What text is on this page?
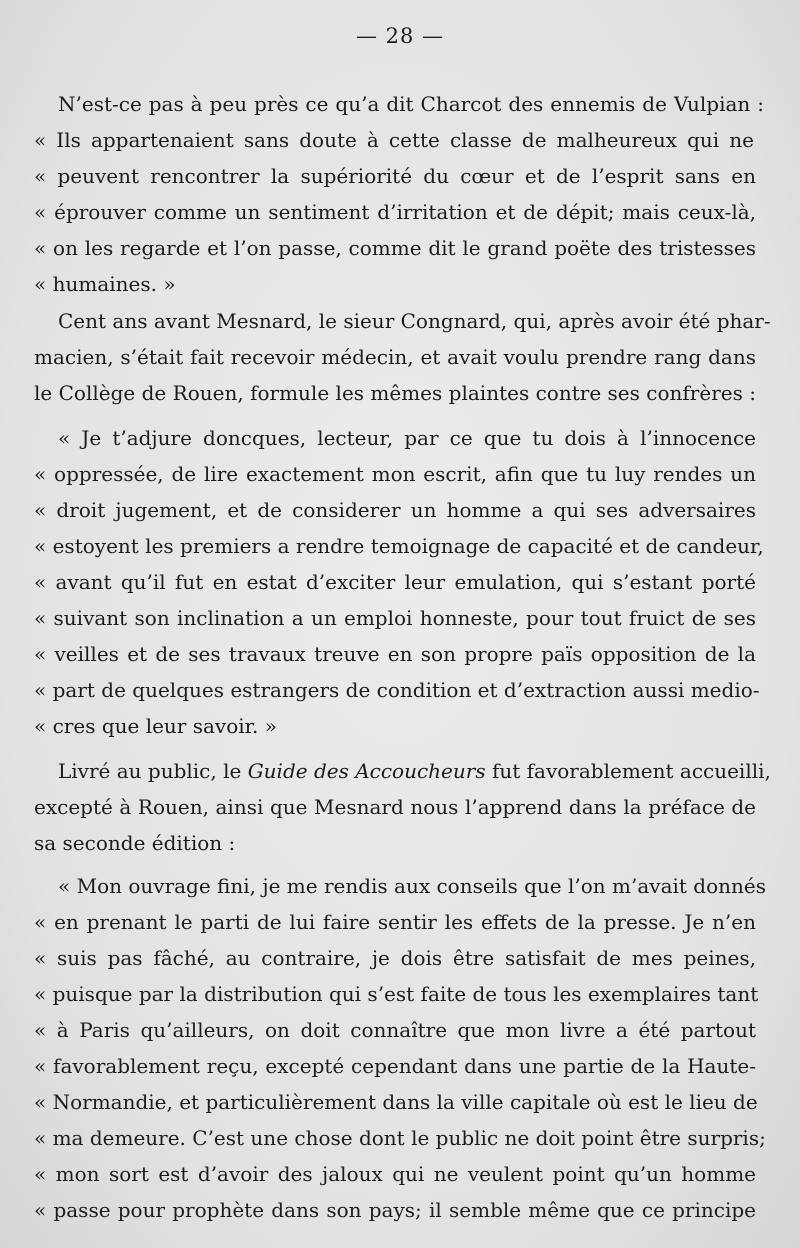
— 28 —
N’est-ce pas à peu près ce qu’a dit Charcot des ennemis de Vulpian :
« Ils appartenaient sans doute à cette classe de malheureux qui ne
« peuvent rencontrer la supériorité du cœur et de l’esprit sans en
« éprouver comme un sentiment d’irritation et de dépit; mais ceux-là,
« on les regarde et l’on passe, comme dit le grand poëte des tristesses
« humaines. »
Cent ans avant Mesnard, le sieur Congnard, qui, après avoir été phar-
macien, s’était fait recevoir médecin, et avait voulu prendre rang dans
le Collège de Rouen, formule les mêmes plaintes contre ses confrères :
« Je t’adjure doncques, lecteur, par ce que tu dois à l’innocence
« oppressée, de lire exactement mon escrit, afin que tu luy rendes un
« droit jugement, et de considerer un homme a qui ses adversaires
« estoyent les premiers a rendre temoignage de capacité et de candeur,
« avant qu’il fut en estat d’exciter leur emulation, qui s’estant porté
« suivant son inclination a un emploi honneste, pour tout fruict de ses
« veilles et de ses travaux treuve en son propre païs opposition de la
« part de quelques estrangers de condition et d’extraction aussi medio-
« cres que leur savoir. »
Livré au public, le Guide des Accoucheurs fut favorablement accueilli,
excepté à Rouen, ainsi que Mesnard nous l’apprend dans la préface de
sa seconde édition :
« Mon ouvrage fini, je me rendis aux conseils que l’on m’avait donnés
« en prenant le parti de lui faire sentir les effets de la presse. Je n’en
« suis pas fâché, au contraire, je dois être satisfait de mes peines,
« puisque par la distribution qui s’est faite de tous les exemplaires tant
« à Paris qu’ailleurs, on doit connaître que mon livre a été partout
« favorablement reçu, excepté cependant dans une partie de la Haute-
« Normandie, et particulièrement dans la ville capitale où est le lieu de
« ma demeure. C’est une chose dont le public ne doit point être surpris;
« mon sort est d’avoir des jaloux qui ne veulent point qu’un homme
« passe pour prophète dans son pays; il semble même que ce principe
